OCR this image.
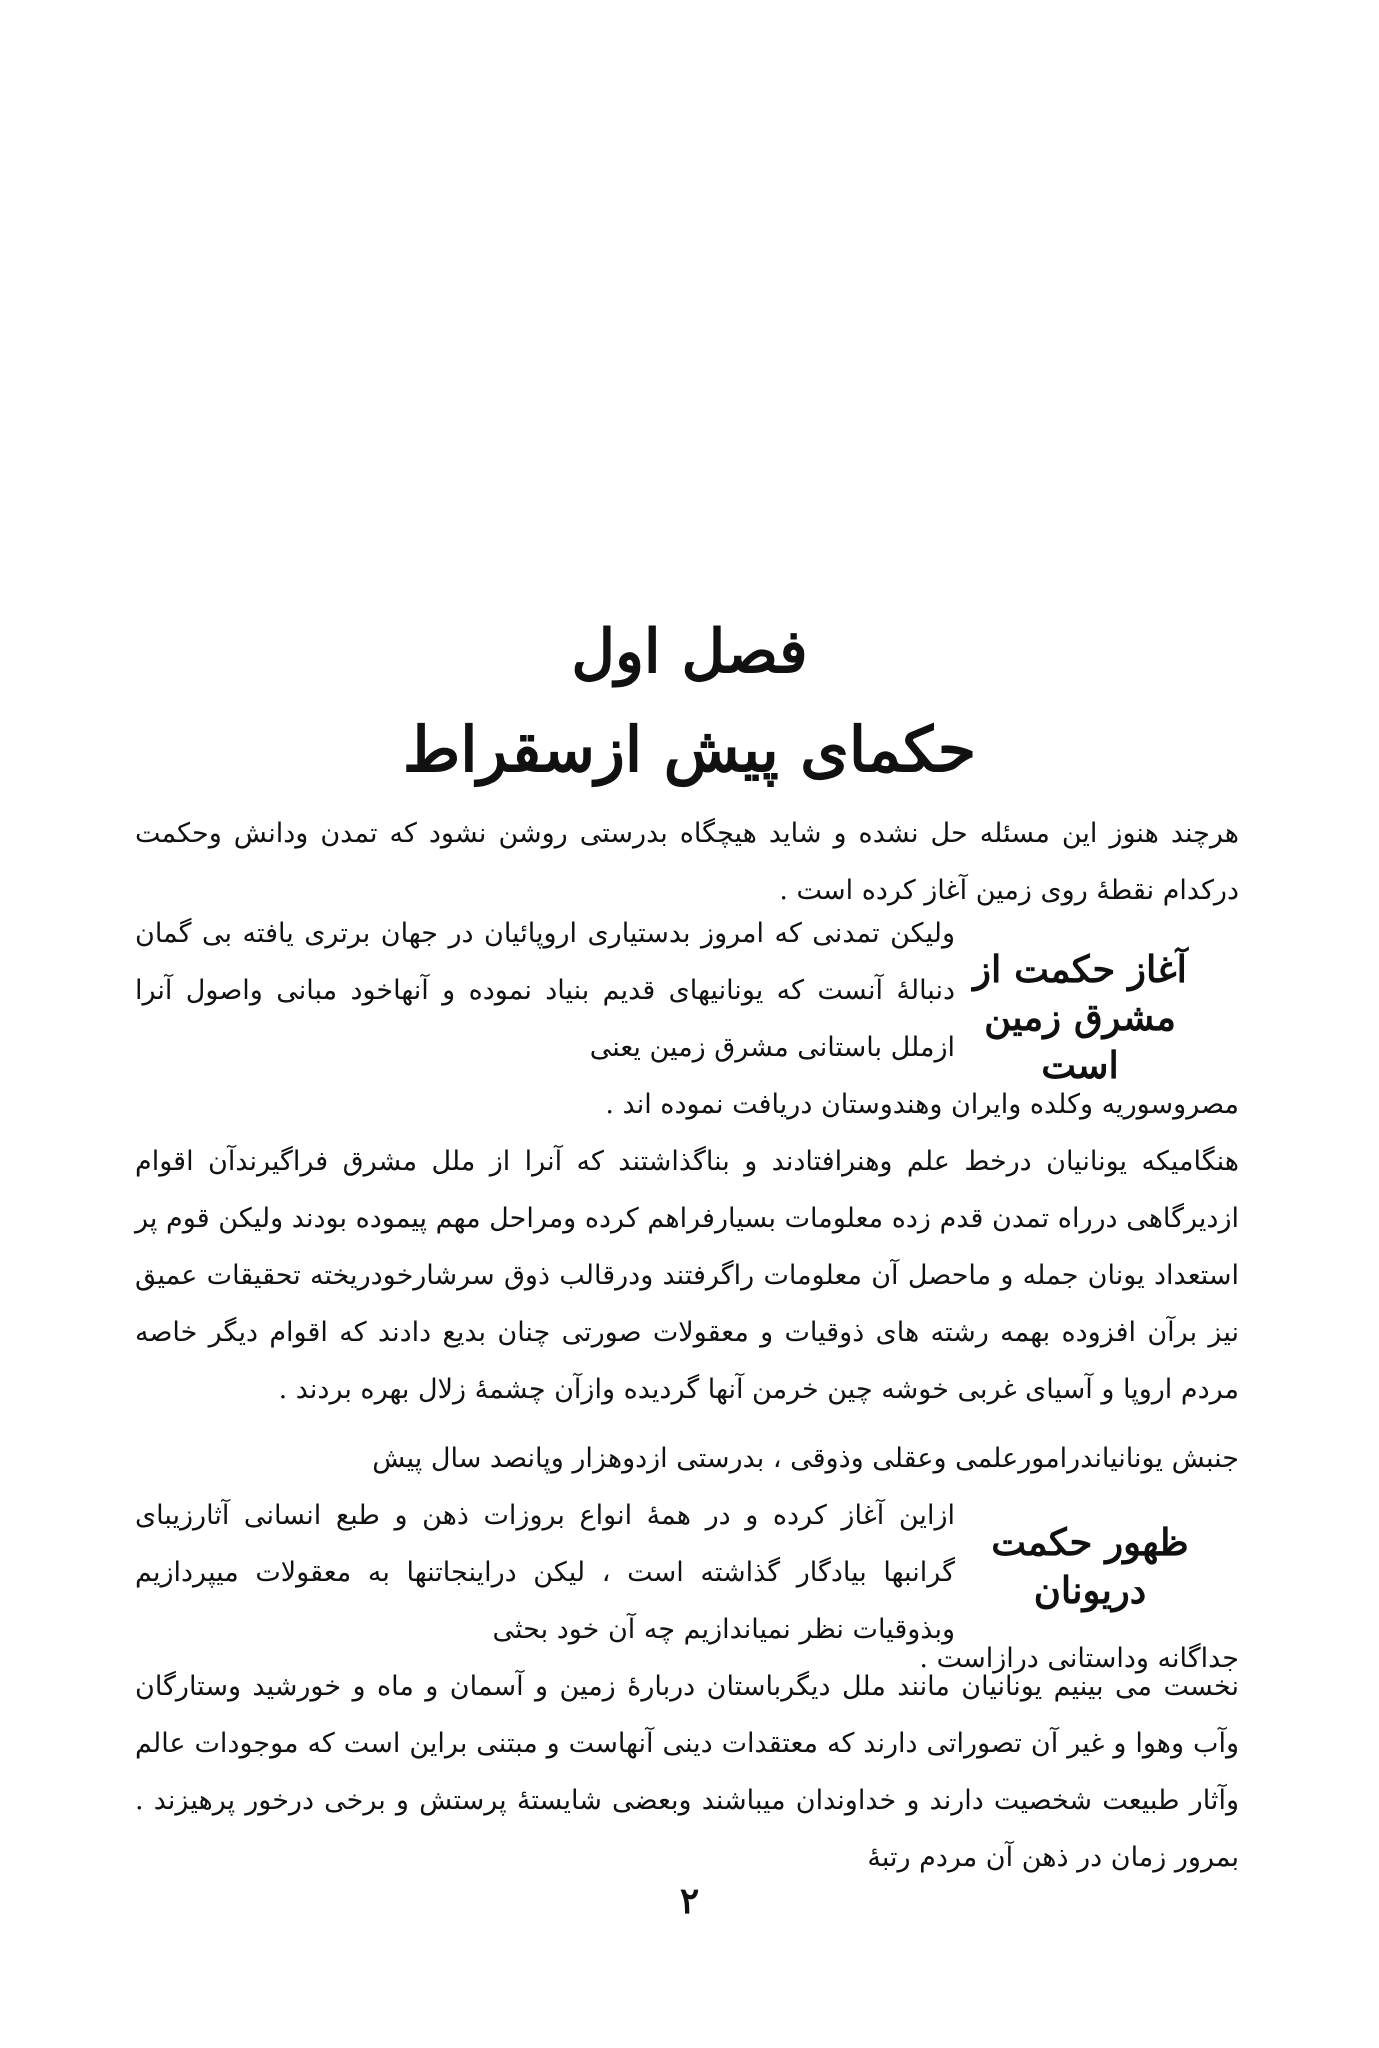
فصل اول
حکمای پیش ازسقراط
هرچند هنوز این مسئله حل نشده و شاید هیچگاه بدرستی روشن نشود که تمدن ودانش وحکمت درکدام نقطهٔ روی زمین آغاز کرده است .
آغاز حکمت از
مشرق زمین است
ولیکن تمدنی که امروز بدستیاری اروپائیان در جهان برتری یافته بی گمان دنبالهٔ آنست که یونانیهای قدیم بنیاد نموده و آنهاخود مبانی واصول آنرا ازملل باستانی مشرق زمین یعنی
مصروسوریه وکلده وایران وهندوستان دریافت نموده اند .
هنگامیکه یونانیان درخط علم وهنرافتادند و بناگذاشتند که آنرا از ملل مشرق فراگیرندآن اقوام ازدیرگاهی درراه تمدن قدم زده معلومات بسیارفراهم کرده ومراحل مهم پیموده بودند ولیکن قوم پر استعداد یونان جمله و ماحصل آن معلومات راگرفتند ودرقالب ذوق سرشارخودریخته تحقیقات عمیق نیز برآن افزوده بهمه رشته های ذوقیات و معقولات صورتی چنان بدیع دادند که اقوام دیگر خاصه مردم اروپا و آسیای غربی خوشه چین خرمن آنها گردیده وازآن چشمهٔ زلال بهره بردند .
جنبش یونانیاندرامورعلمی وعقلی وذوقی ، بدرستی ازدوهزار وپانصد سال پیش
ظهور حکمت
دریونان
ازاین آغاز کرده و در همهٔ انواع بروزات ذهن و طبع انسانی آثارزیبای گرانبها بیادگار گذاشته است ، لیکن دراینجاتنها به معقولات میپردازیم وبذوقیات نظر نمیاندازیم چه آن خود بحثی
جداگانه وداستانی درازاست .
نخست می بینیم یونانیان مانند ملل دیگرباستان دربارهٔ زمین و آسمان و ماه و خورشید وستارگان وآب وهوا و غیر آن تصوراتی دارند که معتقدات دینی آنهاست و مبتنی براین است که موجودات عالم وآثار طبیعت شخصیت دارند و خداوندان میباشند وبعضی شایستهٔ پرستش و برخی درخور پرهیزند . بمرور زمان در ذهن آن مردم رتبهٔ
۲
